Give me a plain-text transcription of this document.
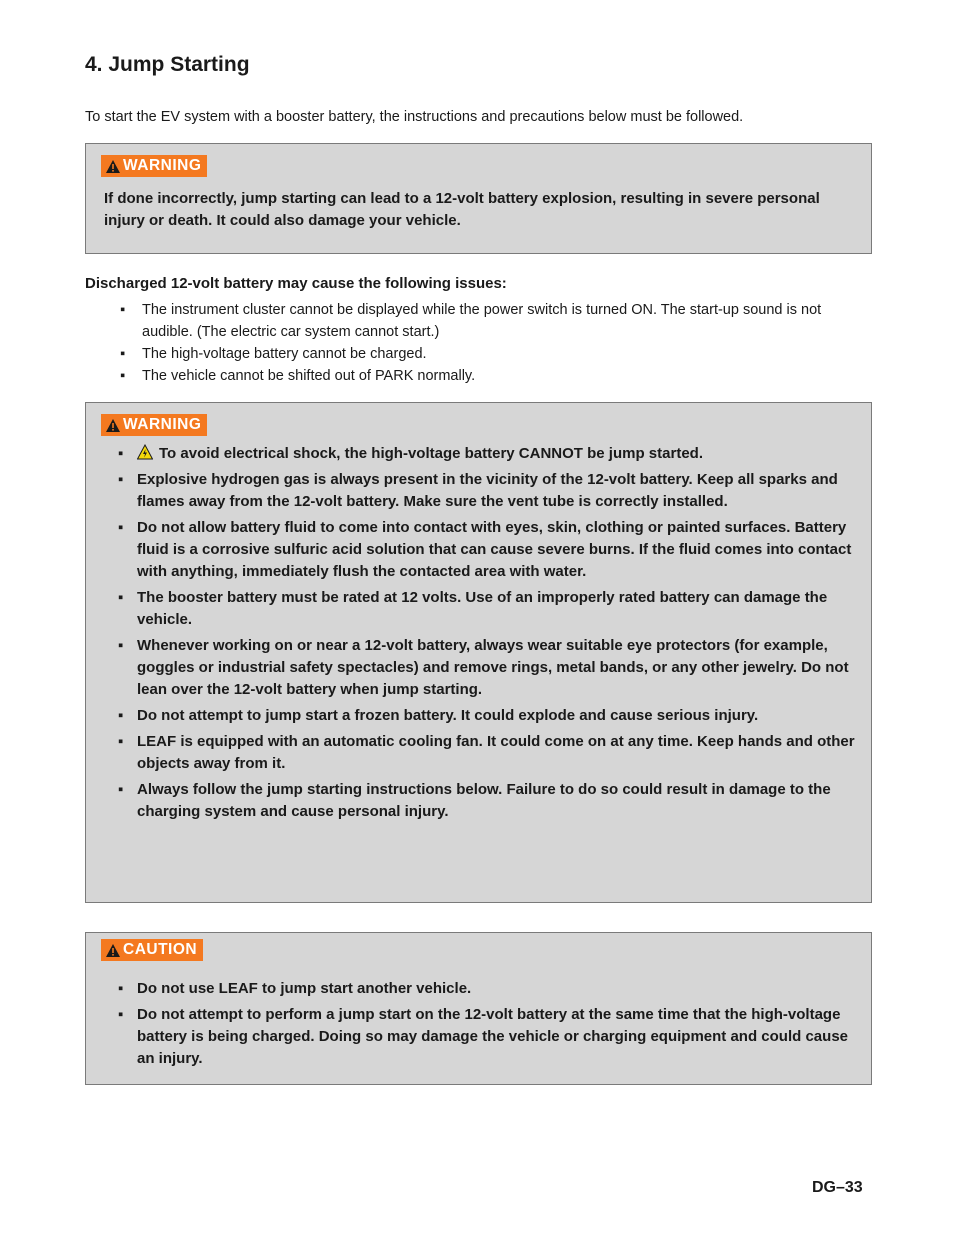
4. Jump Starting

To start the EV system with a booster battery, the instructions and precautions below must be followed.

WARNING

If done incorrectly, jump starting can lead to a 12-volt battery explosion, resulting in severe personal injury or death. It could also damage your vehicle.

Discharged 12-volt battery may cause the following issues:

▪ The instrument cluster cannot be displayed while the power switch is turned ON. The start-up sound is not audible. (The electric car system cannot start.)
▪ The high-voltage battery cannot be charged.
▪ The vehicle cannot be shifted out of PARK normally.
WARNING
▪ To avoid electrical shock, the high-voltage battery CANNOT be jump started.
▪ Explosive hydrogen gas is always present in the vicinity of the 12-volt battery. Keep all sparks and flames away from the 12-volt battery. Make sure the vent tube is correctly installed.
▪ Do not allow battery fluid to come into contact with eyes, skin, clothing or painted surfaces. Battery fluid is a corrosive sulfuric acid solution that can cause severe burns. If the fluid comes into contact with anything, immediately flush the contacted area with water.
▪ The booster battery must be rated at 12 volts. Use of an improperly rated battery can damage the vehicle.
▪ Whenever working on or near a 12-volt battery, always wear suitable eye protectors (for example, goggles or industrial safety spectacles) and remove rings, metal bands, or any other jewelry. Do not lean over the 12-volt battery when jump starting.
▪ Do not attempt to jump start a frozen battery. It could explode and cause serious injury.
▪ LEAF is equipped with an automatic cooling fan. It could come on at any time. Keep hands and other objects away from it.
▪ Always follow the jump starting instructions below. Failure to do so could result in damage to the charging system and cause personal injury.
CAUTION
▪ Do not use LEAF to jump start another vehicle.
▪ Do not attempt to perform a jump start on the 12-volt battery at the same time that the high-voltage battery is being charged. Doing so may damage the vehicle or charging equipment and could cause an injury.
DG–33
